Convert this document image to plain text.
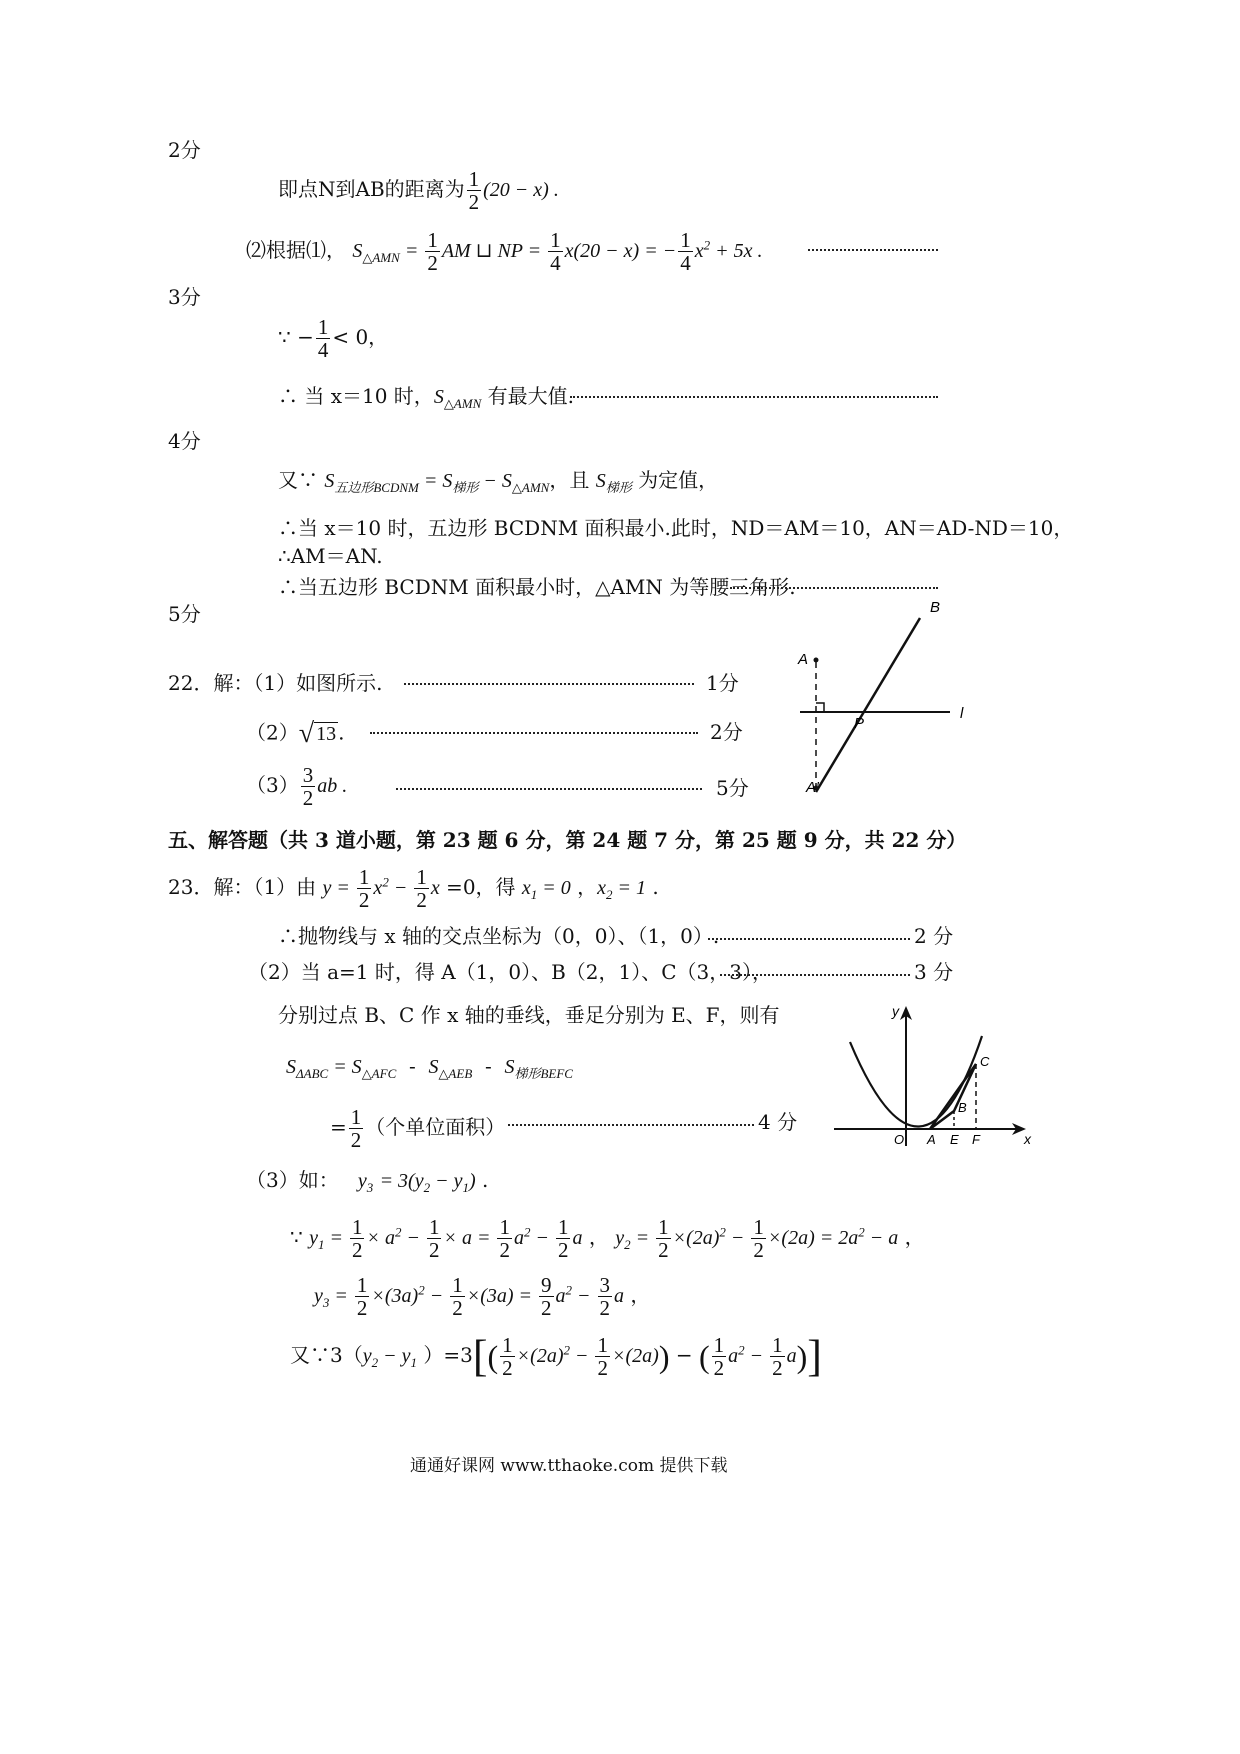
2分
即点N到AB的距离为 $\frac{1}{2} (20 - x)$ .
⑵根据⑴， $S_{\triangle AMN} = \frac{1}{2}$ AM ⊔ NP = $\frac{1}{4} x(20 - x)$ = − $\frac{1}{4} x^2 + 5x$ .
3分
∵ − $\frac{1}{4} < 0$，
∴ 当 x＝10 时，$S_{\triangle AMN}$ 有最大值.
4分
又∵ $S_{五边形BCDNM} = S_{梯形} - S_{\triangle AMN}$，且 $S_{梯形}$ 为定值，
∴当 x＝10 时，五边形 BCDNM 面积最小.此时，ND＝AM＝10，AN＝AD-ND＝10，
∴AM＝AN.
∴当五边形 BCDNM 面积最小时，△AMN 为等腰三角形.
5分
A
B
P
l
A′
22．解：（1）如图所示.	1分
（2）√ 13 .	2分
$(3) \frac{3}{2}$ ab .	5分
五、解答题（共 3 道小题，第 23 题 6 分，第 24 题 7 分，第 25 题 9 分，共 22 分）
23．解：（1）由 $y = \frac{1}{2} x^2 - \frac{1}{2}$ x =0，得 $x_1 = 0$ ，$x_2 = 1$ .
∴抛物线与 x 轴的交点坐标为（0，0）、（1，0）.	2 分
（2）当 a=1 时，得 A（1，0）、B（2，1）、C（3，3），	3 分
分别过点 B、C 作 x 轴的垂线，垂足分别为 E、F，则有
$S_{\Delta ABC} = S_{\triangle AFC} - S_{\triangle AEB} - S_{梯形BEFC}$
= $\frac{1}{2}$ （个单位面积）	4 分
y
x
O A E F
B
C
（3）如： $y_3 = 3(y_2 - y_1)$ .
∵ $y_1 = \frac{1}{2} \times a^2 - \frac{1}{2} \times a = \frac{1}{2} a^2 - \frac{1}{2}$ a ， $y_2 = \frac{1}{2} \times(2a)^2 - \frac{1}{2} \times(2a) = 2a^2 - a$ ，
$y_3 = \frac{1}{2} \times(3a)^2 - \frac{1}{2} \times(3a) = \frac{9}{2} a^2 - \frac{3}{2}$ a ，
又$\because 3(y_2 - y_1$ ）$=3[( \frac{1}{2} \times(2a)^2 - \frac{1}{2} \times(2a))$ − ( $\frac{1}{2} a^2 - \frac{1}{2} a$)]
通通好课网 www.tthaoke.com 提供下载
